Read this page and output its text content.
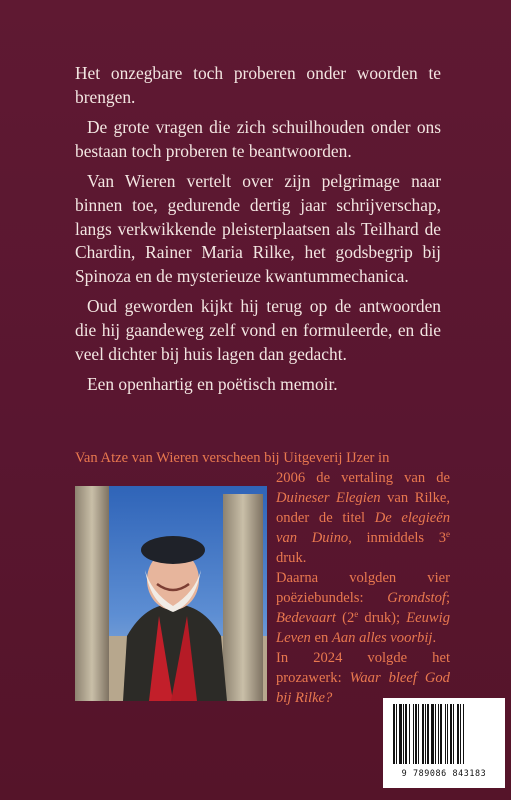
Het onzegbare toch proberen onder woorden te brengen.

De grote vragen die zich schuilhouden onder ons bestaan toch proberen te beantwoorden.

Van Wieren vertelt over zijn pelgrimage naar binnen toe, gedurende dertig jaar schrijverschap, langs verkwikkende pleisterplaatsen als Teilhard de Chardin, Rainer Maria Rilke, het godsbegrip bij Spinoza en de mysterieuze kwantummechanica.

Oud geworden kijkt hij terug op de antwoorden die hij gaandeweg zelf vond en formuleerde, en die veel dichter bij huis lagen dan gedacht.

Een openhartig en poëtisch memoir.

Van Atze van Wieren verscheen bij Uitgeverij IJzer in

2006 de vertaling van de Duineser Elegien van Rilke, onder de titel De elegieën van Duino, inmiddels 3e druk.

Daarna volgden vier poëziebundels: Grondstof; Bedevaart (2e druk); Eeuwig Leven en Aan alles voorbij.

In 2024 volgde het prozawerk: Waar bleef God bij Rilke?

9 789086 843183
